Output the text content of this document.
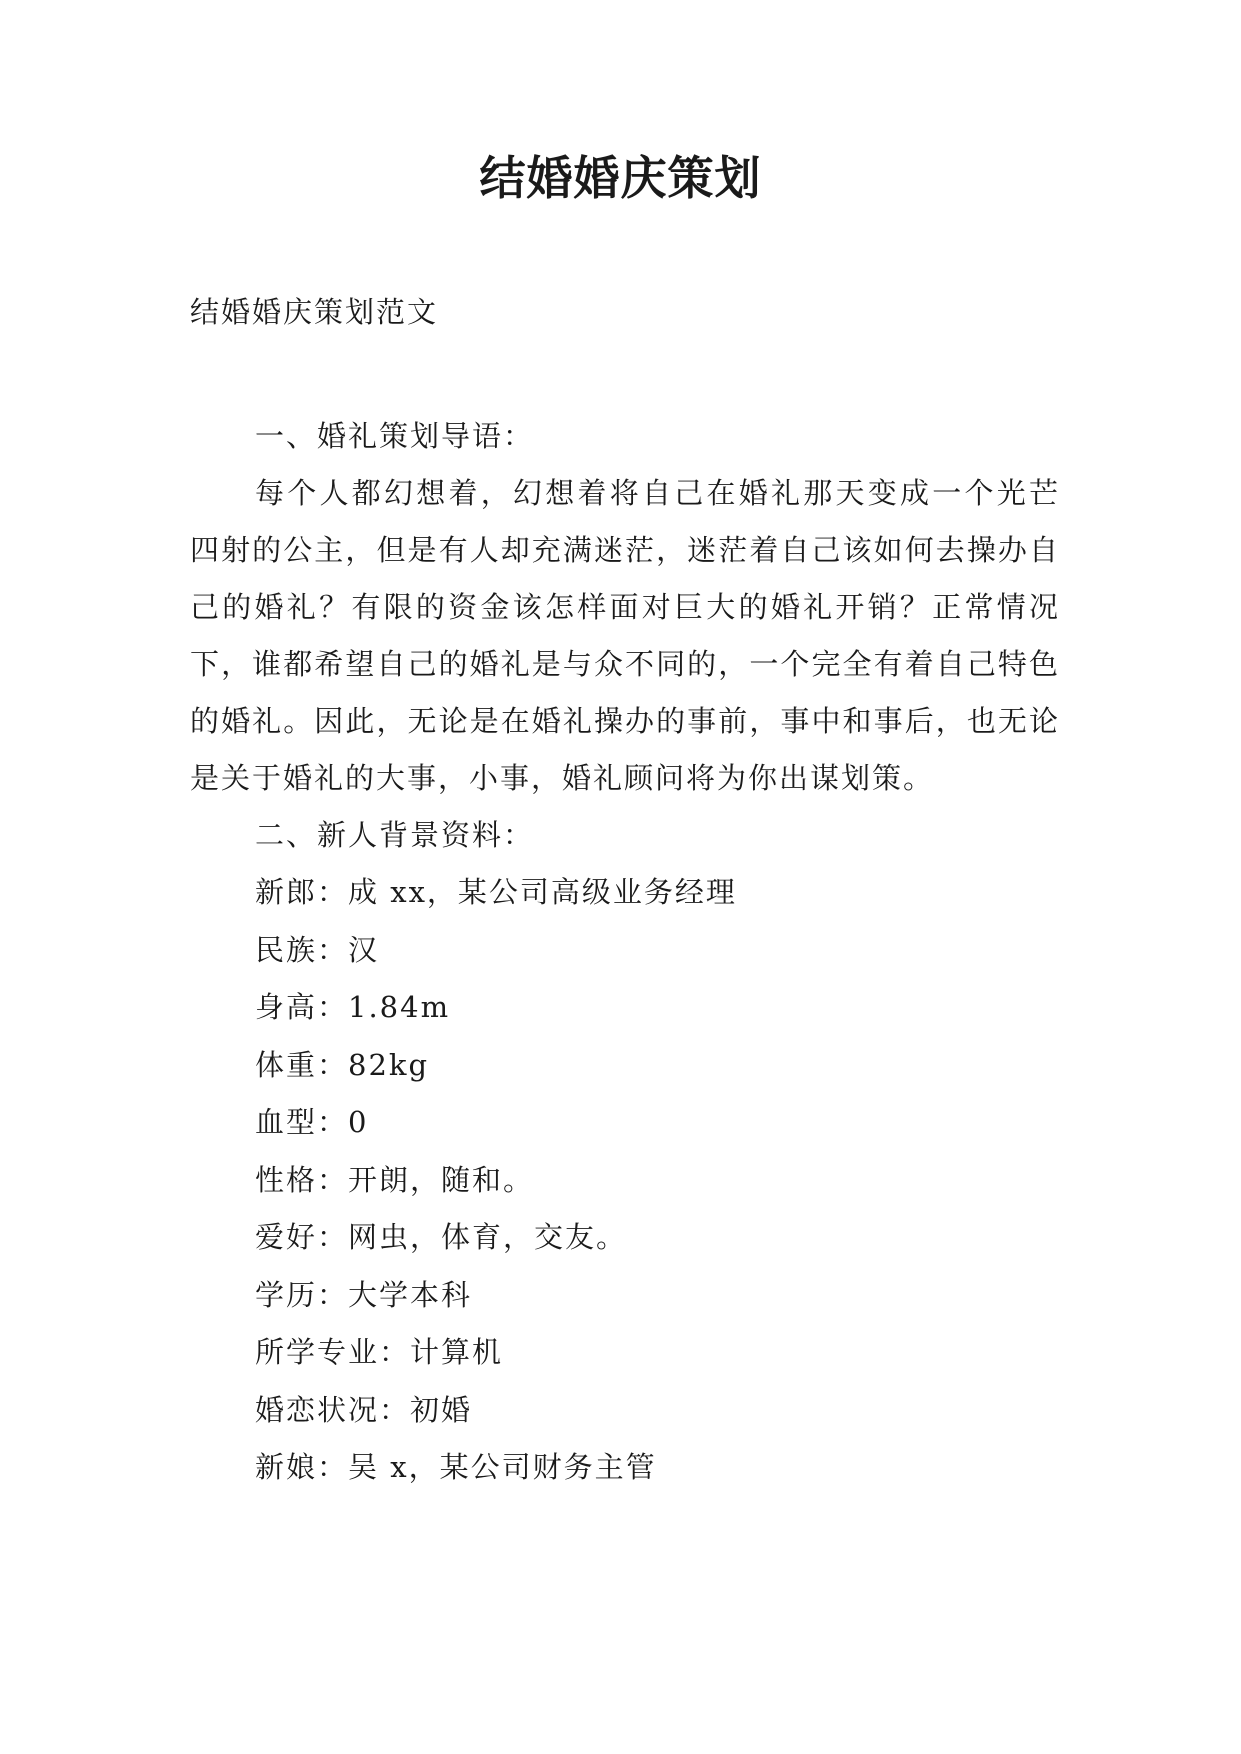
结婚婚庆策划
结婚婚庆策划范文
一、婚礼策划导语：
每个人都幻想着，幻想着将自己在婚礼那天变成一个光芒四射的公主，但是有人却充满迷茫，迷茫着自己该如何去操办自己的婚礼？有限的资金该怎样面对巨大的婚礼开销？正常情况下，谁都希望自己的婚礼是与众不同的，一个完全有着自己特色的婚礼。因此，无论是在婚礼操办的事前，事中和事后，也无论是关于婚礼的大事，小事，婚礼顾问将为你出谋划策。
二、新人背景资料：
新郎：成 xx，某公司高级业务经理
民族：汉
身高：1.84m
体重：82kg
血型：0
性格：开朗，随和。
爱好：网虫，体育，交友。
学历：大学本科
所学专业：计算机
婚恋状况：初婚
新娘：吴 x，某公司财务主管
